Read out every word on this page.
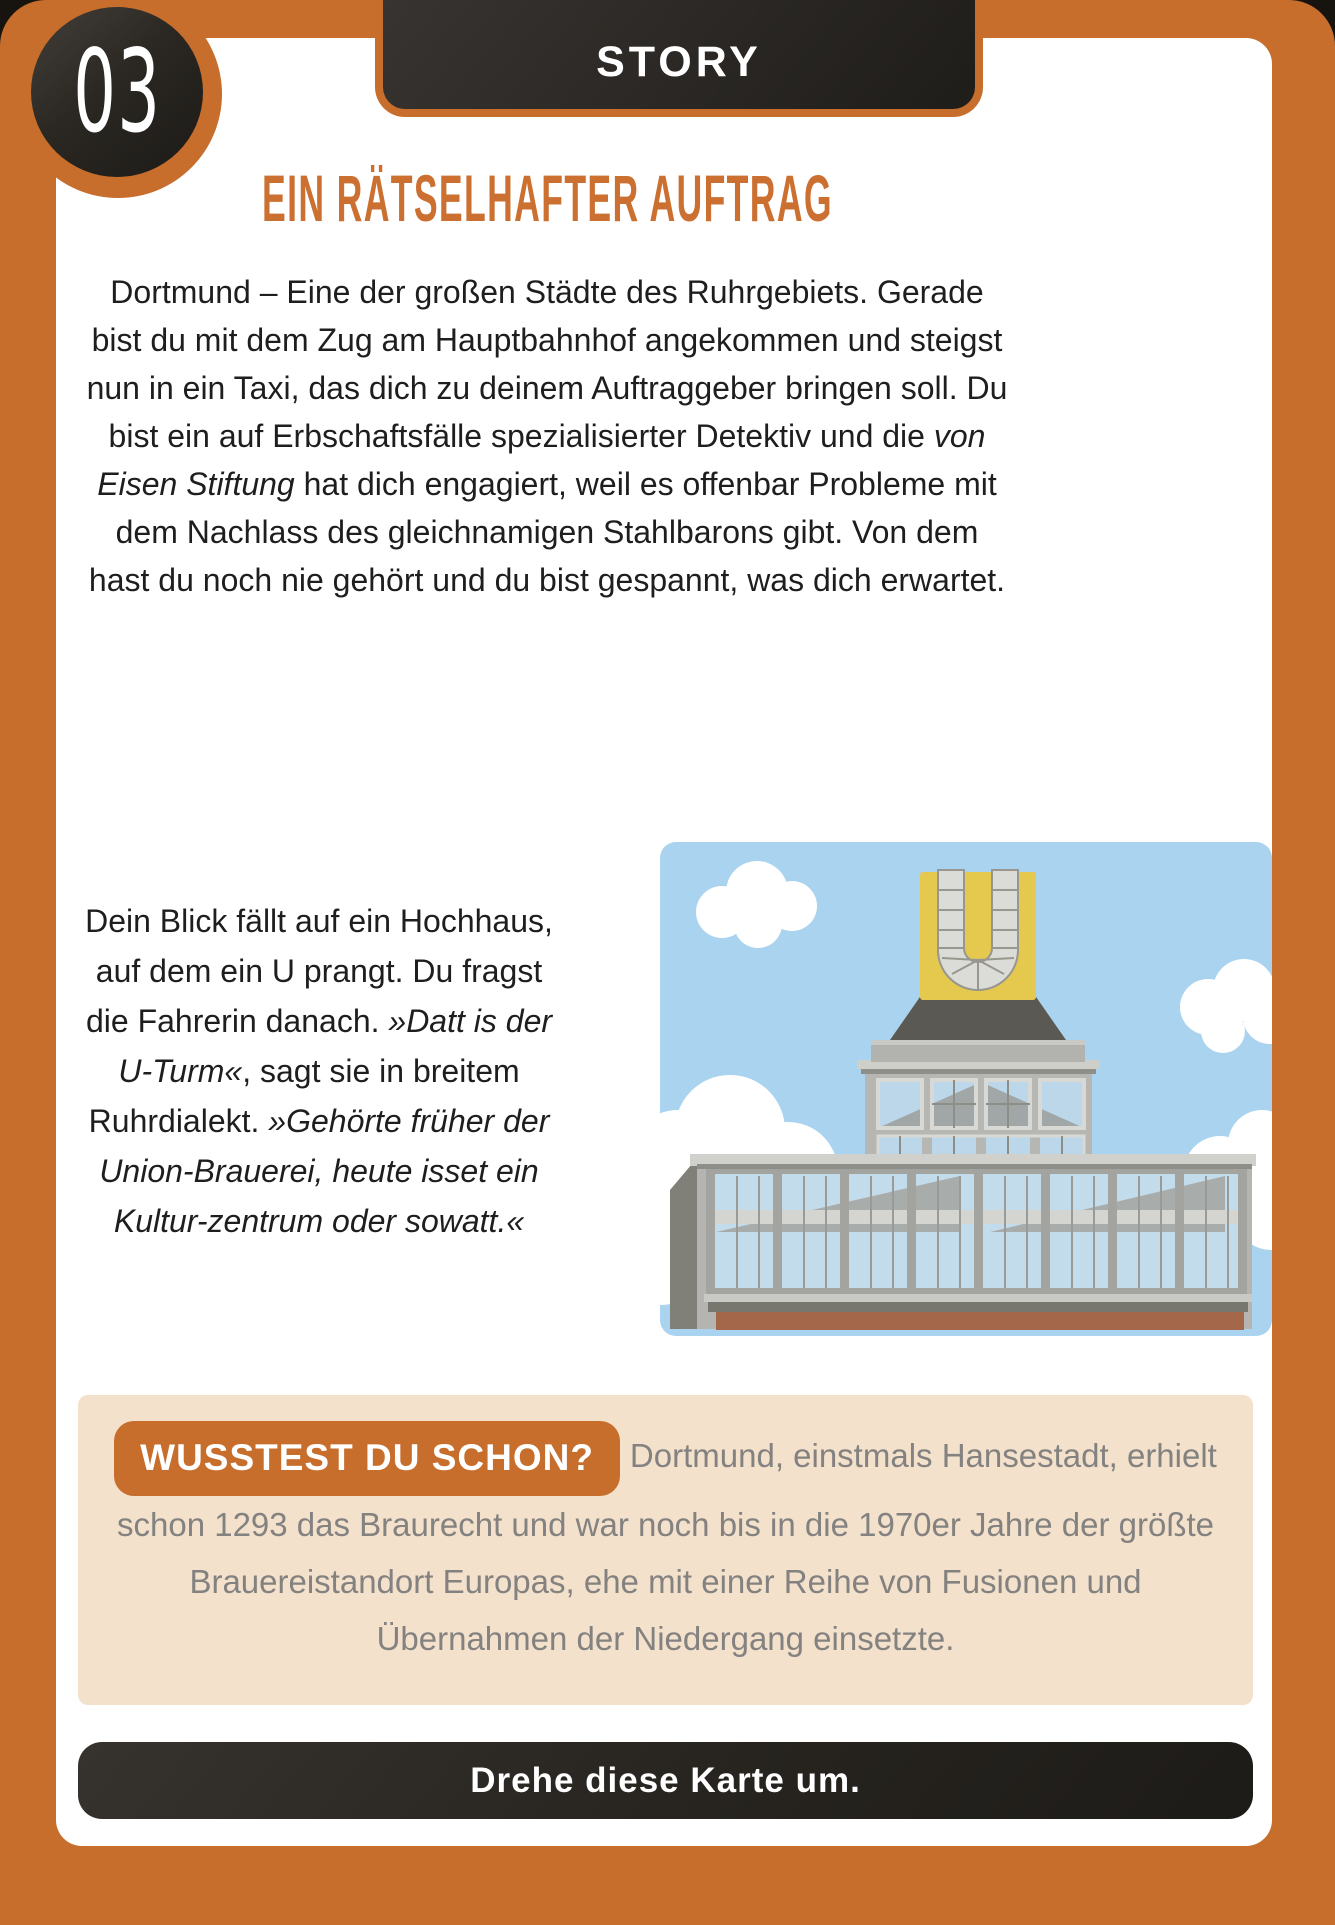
03	STORY
EIN RÄTSELHAFTER AUFTRAG
Dortmund – Eine der großen Städte des Ruhrgebiets. Gerade bist du mit dem Zug am Hauptbahnhof angekommen und steigst nun in ein Taxi, das dich zu deinem Auftraggeber bringen soll. Du bist ein auf Erbschaftsfälle spezialisierter Detektiv und die von Eisen Stiftung hat dich engagiert, weil es offenbar Probleme mit dem Nachlass des gleichnamigen Stahlbarons gibt. Von dem hast du noch nie gehört und du bist gespannt, was dich erwartet.
Dein Blick fällt auf ein Hochhaus, auf dem ein U prangt. Du fragst die Fahrerin danach. »Datt is der U-Turm«, sagt sie in breitem Ruhrdialekt. »Gehörte früher der Union-Brauerei, heute isset ein Kultur-zentrum oder sowatt.«
WUSSTEST DU SCHON? Dortmund, einstmals Hansestadt, erhielt schon 1293 das Braurecht und war noch bis in die 1970er Jahre der größte Brauereistandort Europas, ehe mit einer Reihe von Fusionen und Übernahmen der Niedergang einsetzte.
Drehe diese Karte um.
